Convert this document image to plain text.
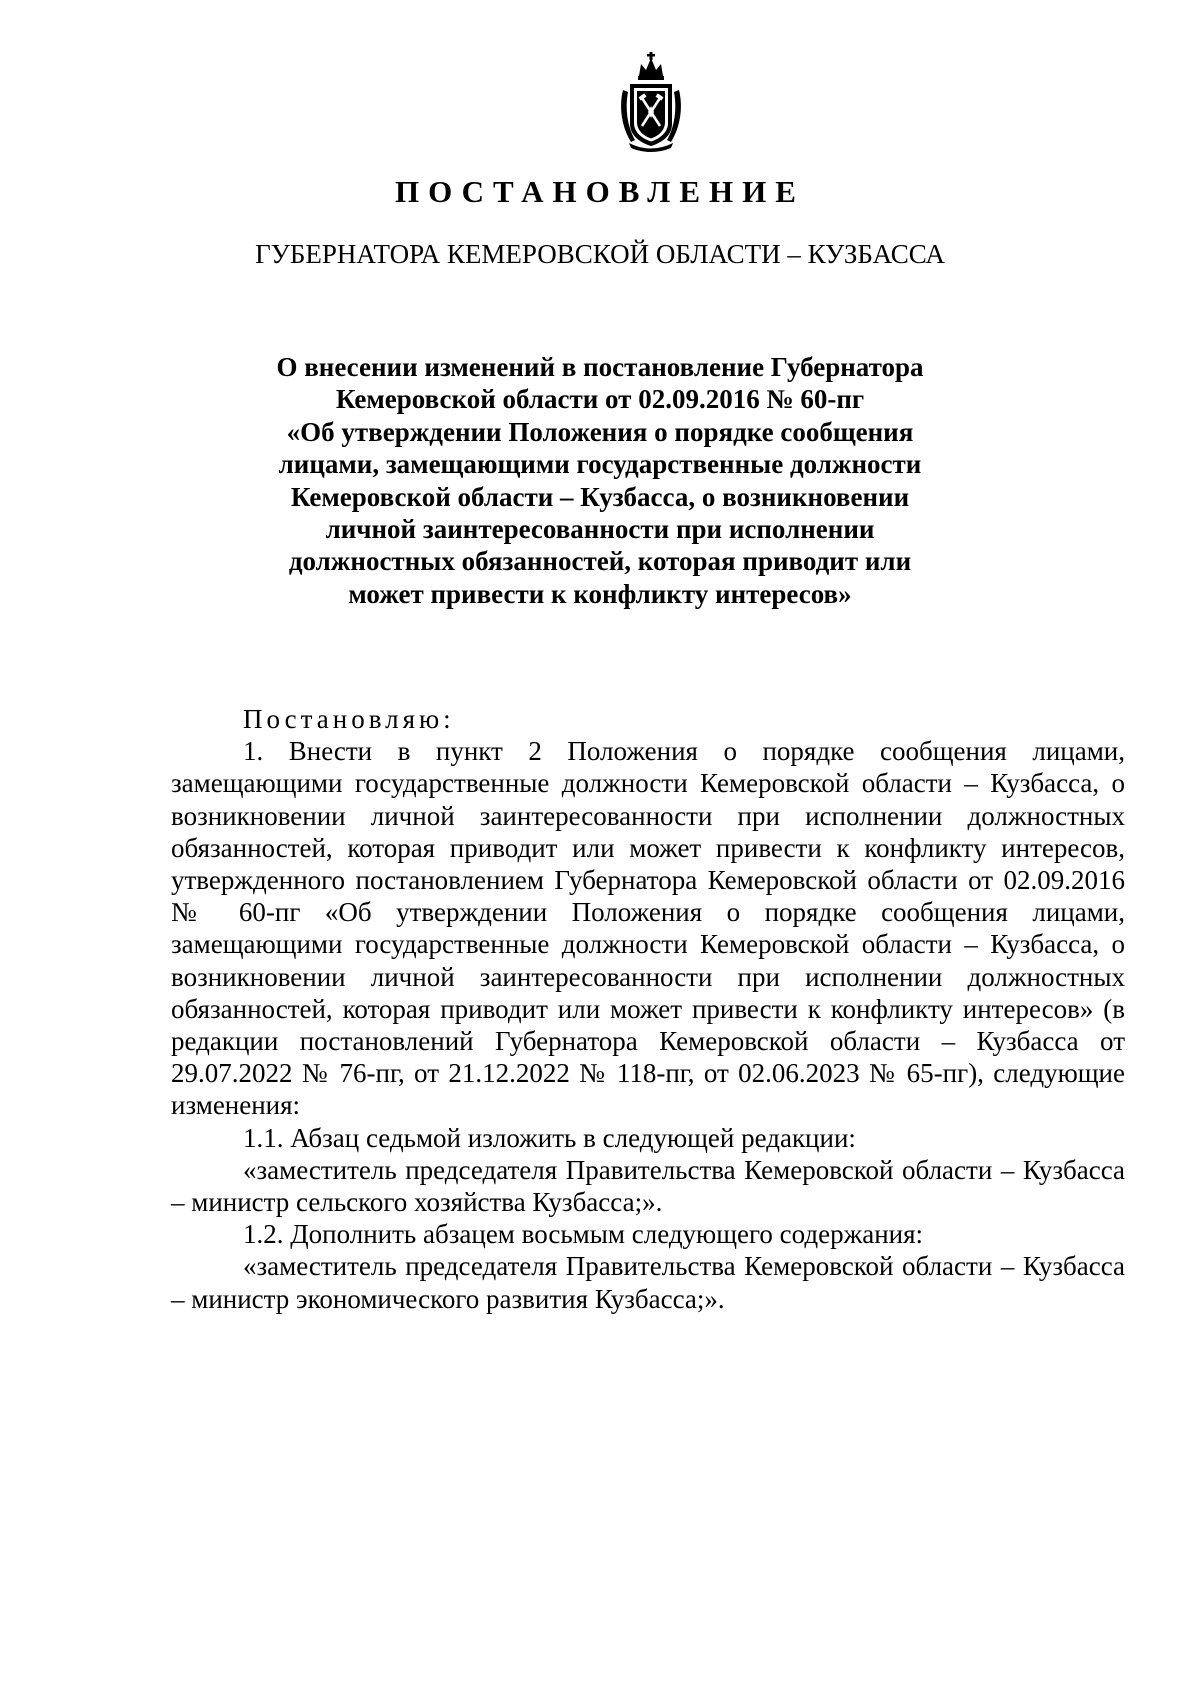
ПОСТАНОВЛЕНИЕ
ГУБЕРНАТОРА КЕМЕРОВСКОЙ ОБЛАСТИ – КУЗБАССА
О внесении изменений в постановление Губернатора
Кемеровской области от 02.09.2016 № 60-пг
«Об утверждении Положения о порядке сообщения
лицами, замещающими государственные должности
Кемеровской области – Кузбасса, о возникновении
личной заинтересованности при исполнении
должностных обязанностей, которая приводит или
может привести к конфликту интересов»

Постановляю:

1. Внести в пункт 2 Положения о порядке сообщения лицами, замещающими государственные должности Кемеровской области – Кузбасса, о возникновении личной заинтересованности при исполнении должностных обязанностей, которая приводит или может привести к конфликту интересов, утвержденного постановлением Губернатора Кемеровской области от 02.09.2016 № 60-пг «Об утверждении Положения о порядке сообщения лицами, замещающими государственные должности Кемеровской области – Кузбасса, о возникновении личной заинтересованности при исполнении должностных обязанностей, которая приводит или может привести к конфликту интересов» (в редакции постановлений Губернатора Кемеровской области – Кузбасса от 29.07.2022 № 76-пг, от 21.12.2022 № 118-пг, от 02.06.2023 № 65-пг), следующие изменения:

1.1. Абзац седьмой изложить в следующей редакции:

«заместитель председателя Правительства Кемеровской области – Кузбасса – министр сельского хозяйства Кузбасса;».

1.2. Дополнить абзацем восьмым следующего содержания:

«заместитель председателя Правительства Кемеровской области – Кузбасса – министр экономического развития Кузбасса;».
